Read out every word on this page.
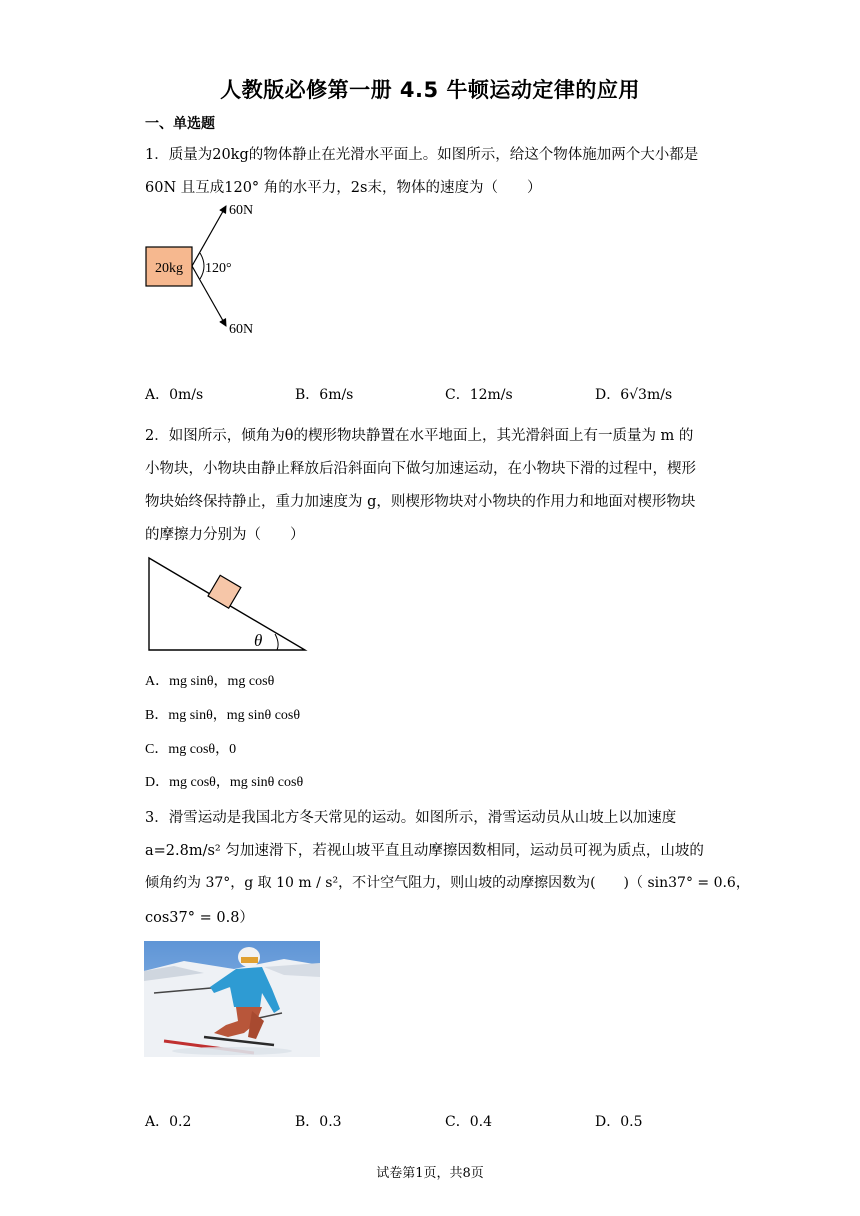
人教版必修第一册 4.5 牛顿运动定律的应用
一、单选题
1．质量为20kg的物体静止在光滑水平面上。如图所示，给这个物体施加两个大小都是
60N 且互成120° 角的水平力，2s末，物体的速度为（　　）
20kg 120°
60N
60N
A．0m/s	B．6m/s	C．12m/s	D．6√3m/s
2．如图所示，倾角为θ的楔形物块静置在水平地面上，其光滑斜面上有一质量为 m 的
小物块，小物块由静止释放后沿斜面向下做匀加速运动，在小物块下滑的过程中，楔形
物块始终保持静止，重力加速度为 g，则楔形物块对小物块的作用力和地面对楔形物块
的摩擦力分别为（　　）
θ
A．mg sinθ，mg cosθ
B．mg sinθ，mg sinθ cosθ
C．mg cosθ，0
D．mg cosθ，mg sinθ cosθ
3．滑雪运动是我国北方冬天常见的运动。如图所示，滑雪运动员从山坡上以加速度
a=2.8m/s² 匀加速滑下，若视山坡平直且动摩擦因数相同，运动员可视为质点，山坡的
倾角约为 37°，g 取 10 m / s²，不计空气阻力，则山坡的动摩擦因数为(　　)（ sin37° = 0.6，
cos37° = 0.8）
A．0.2	B．0.3	C．0.4	D．0.5
试卷第1页，共8页
